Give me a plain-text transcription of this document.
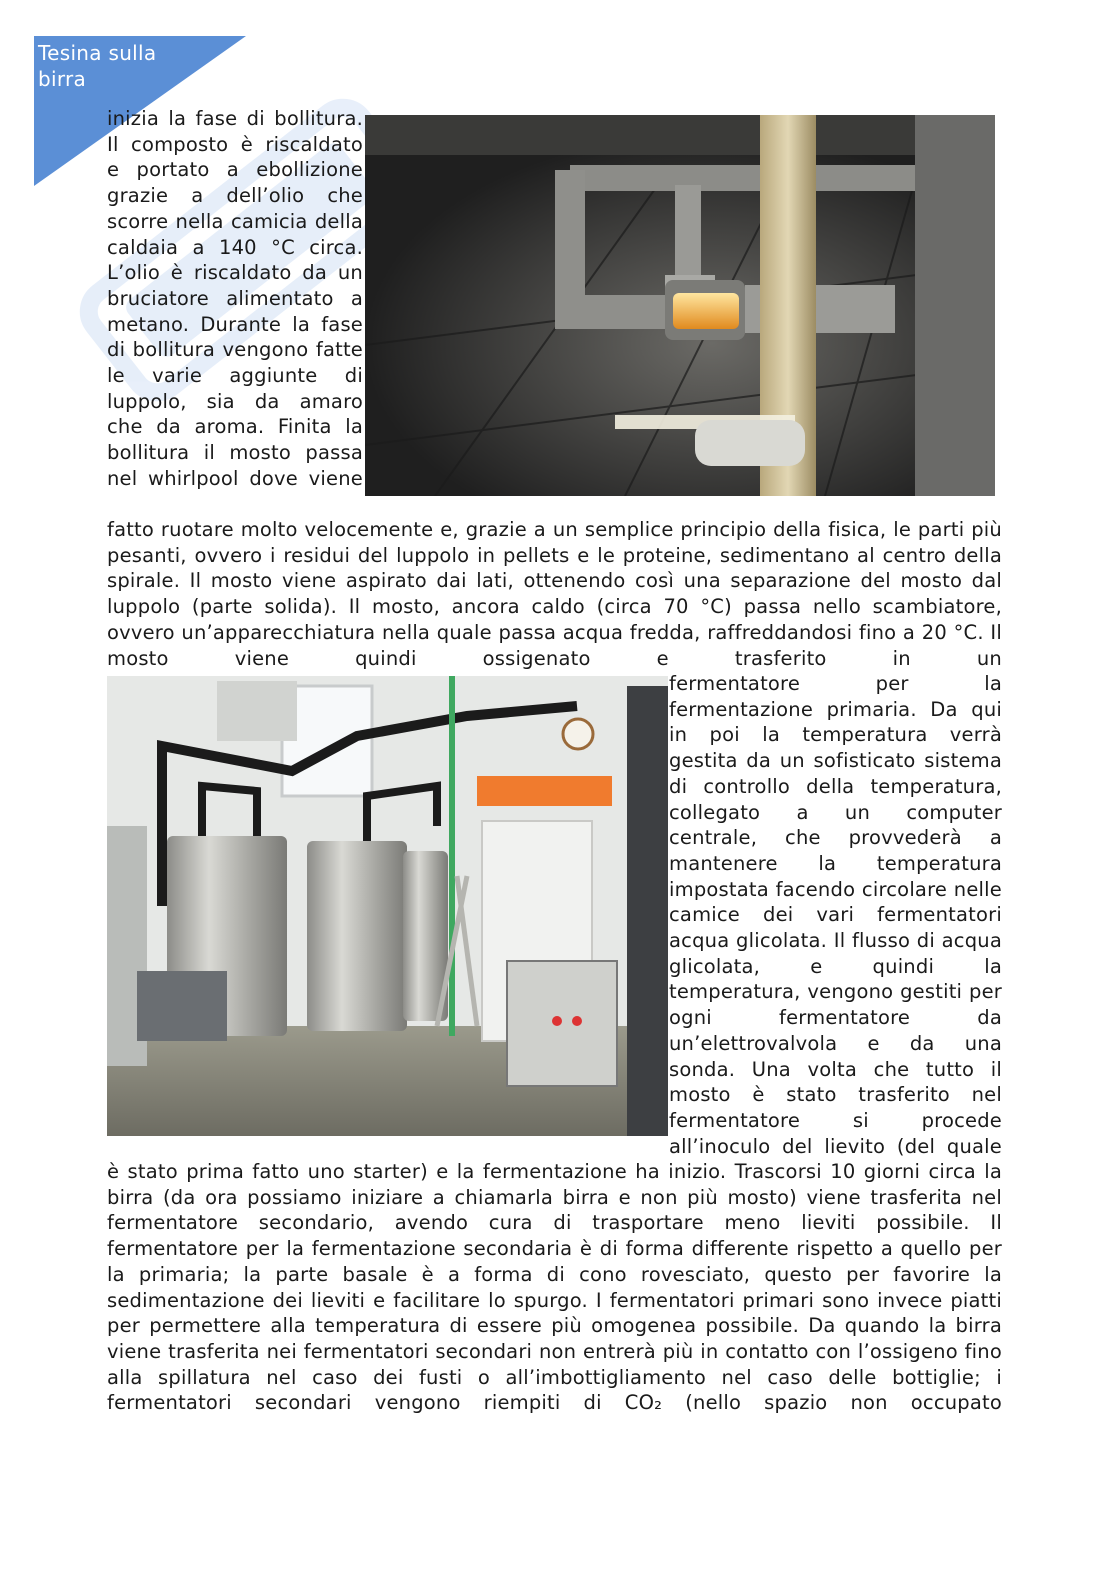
Tesina sulla birra

inizia la fase di bollitura. Il composto è riscaldato e portato a ebollizione grazie a dell’olio che scorre nella camicia della caldaia a 140 °C circa. L’olio è riscaldato da un bruciatore alimentato a metano. Durante la fase di bollitura vengono fatte le varie aggiunte di luppolo, sia da amaro che da aroma. Finita la bollitura il mosto passa nel whirlpool dove viene

fatto ruotare molto velocemente e, grazie a un semplice principio della fisica, le parti più pesanti, ovvero i residui del luppolo in pellets e le proteine, sedimentano al centro della spirale. Il mosto viene aspirato dai lati, ottenendo così una separazione del mosto dal luppolo (parte solida). Il mosto, ancora caldo (circa 70 °C) passa nello scambiatore, ovvero un’apparecchiatura nella quale passa acqua fredda, raffreddandosi fino a 20 °C. Il mosto viene quindi ossigenato e trasferito in un

fermentatore per la fermentazione primaria. Da qui in poi la temperatura verrà gestita da un sofisticato sistema di controllo della temperatura, collegato a un computer centrale, che provvederà a mantenere la temperatura impostata facendo circolare nelle camice dei vari fermentatori acqua glicolata. Il flusso di acqua glicolata, e quindi la temperatura, vengono gestiti per ogni fermentatore da un’elettrovalvola e da una sonda. Una volta che tutto il mosto è stato trasferito nel fermentatore si procede all’inoculo del lievito (del quale

è stato prima fatto uno starter) e la fermentazione ha inizio. Trascorsi 10 giorni circa la birra (da ora possiamo iniziare a chiamarla birra e non più mosto) viene trasferita nel fermentatore secondario, avendo cura di trasportare meno lieviti possibile. Il fermentatore per la fermentazione secondaria è di forma differente rispetto a quello per la primaria; la parte basale è a forma di cono rovesciato, questo per favorire la sedimentazione dei lieviti e facilitare lo spurgo. I fermentatori primari sono invece piatti per permettere alla temperatura di essere più omogenea possibile. Da quando la birra viene trasferita nei fermentatori secondari non entrerà più in contatto con l’ossigeno fino alla spillatura nel caso dei fusti o all’imbottigliamento nel caso delle bottiglie; i fermentatori secondari vengono riempiti di CO₂ (nello spazio non occupato
